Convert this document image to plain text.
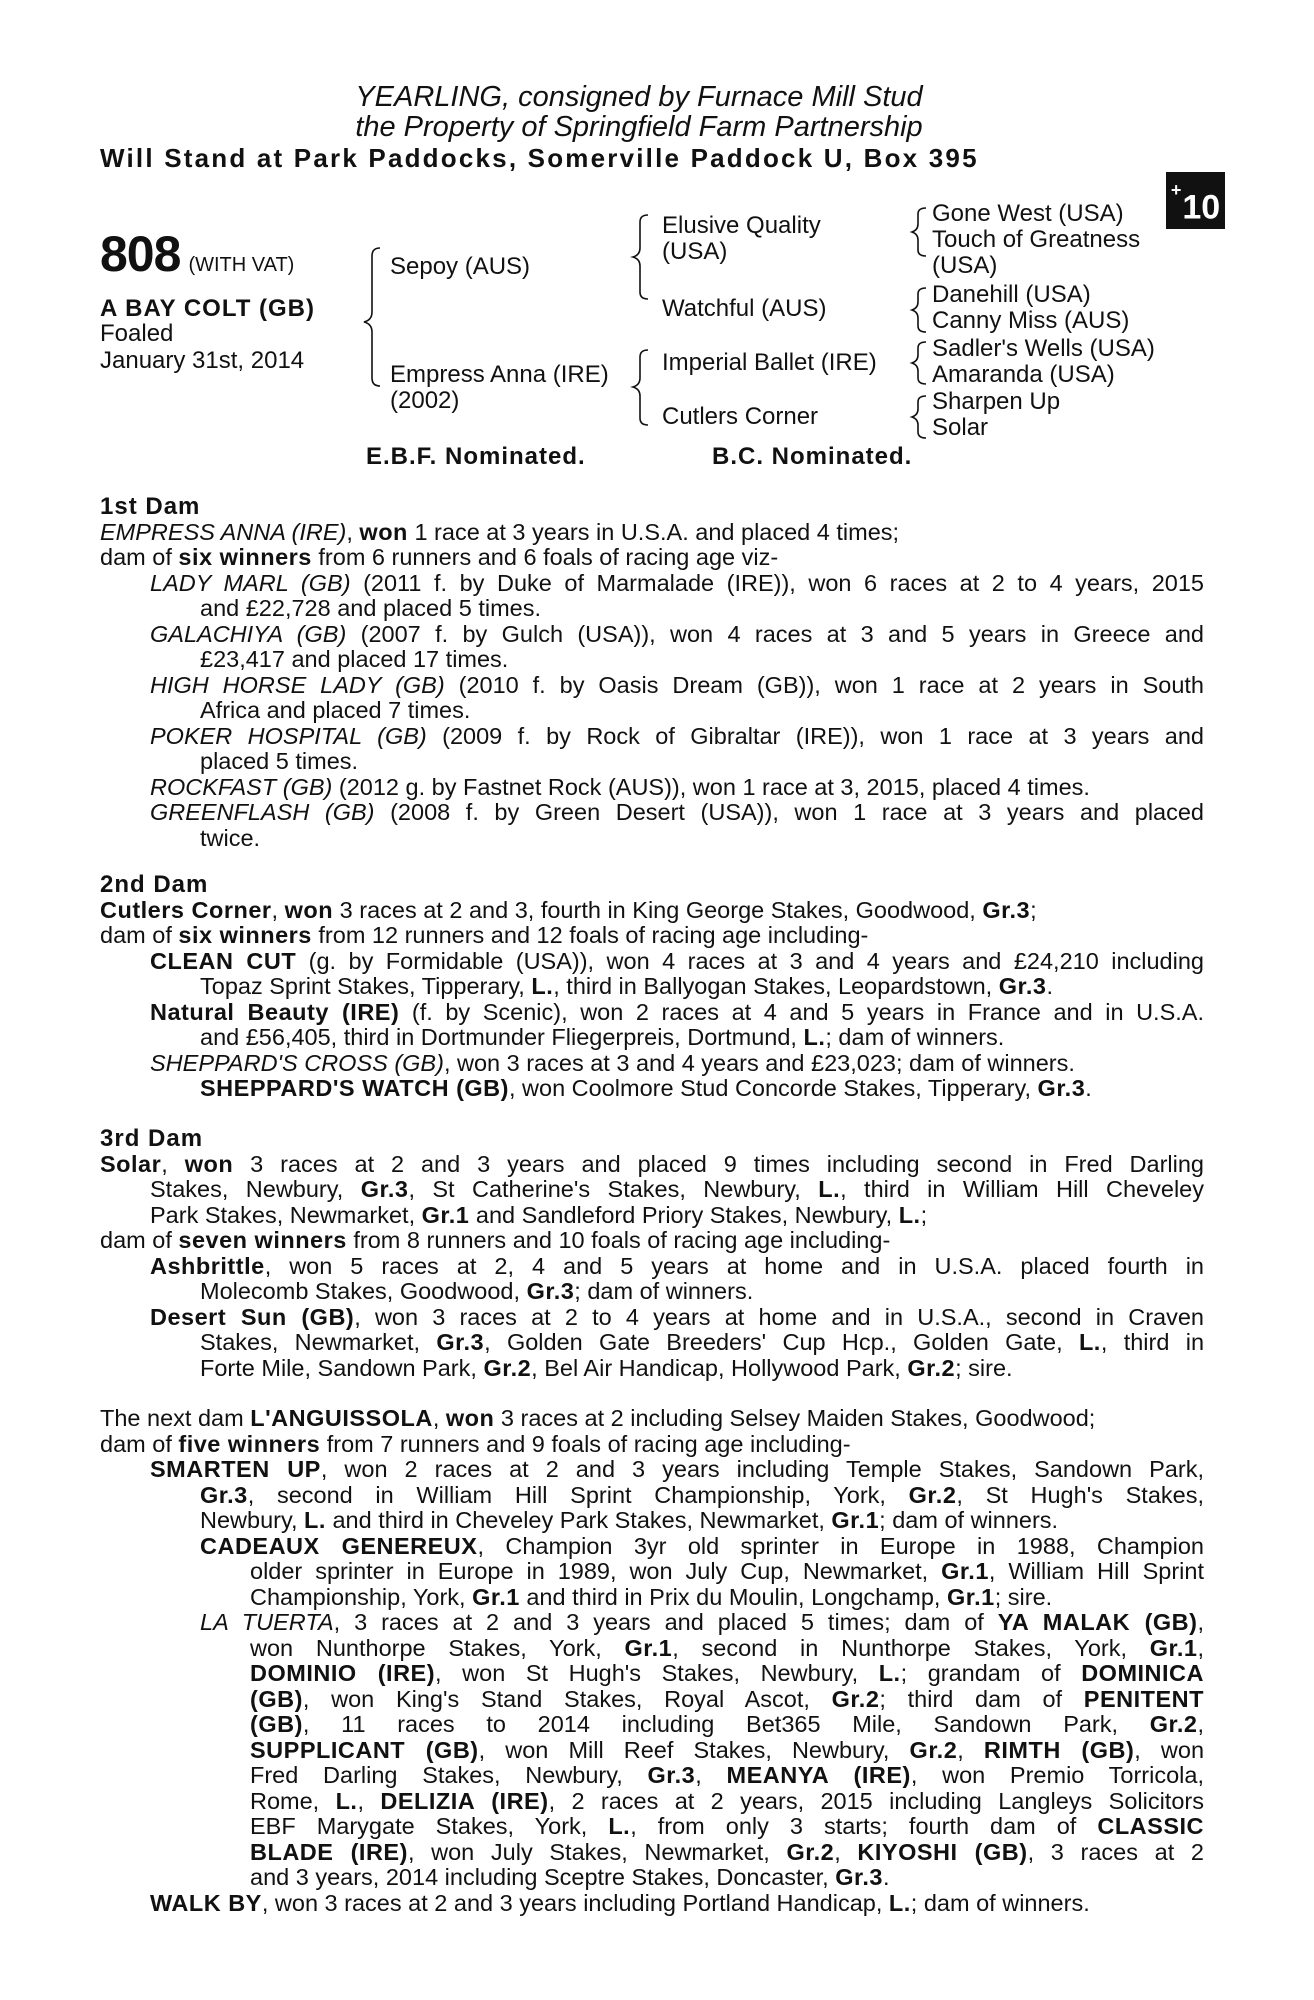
YEARLING, consigned by Furnace Mill Stud
the Property of Springfield Farm Partnership
Will Stand at Park Paddocks, Somerville Paddock U, Box 395
+10
808 (WITH VAT)
A BAY COLT (GB)
Foaled
January 31st, 2014
Sepoy (AUS)
Empress Anna (IRE)
(2002)
Elusive Quality
(USA)
Watchful (AUS)
Imperial Ballet (IRE)
Cutlers Corner
Gone West (USA)
Touch of Greatness
(USA)
Danehill (USA)
Canny Miss (AUS)
Sadler's Wells (USA)
Amaranda (USA)
Sharpen Up
Solar
E.B.F. Nominated.	B.C. Nominated.
1st Dam
EMPRESS ANNA (IRE), won 1 race at 3 years in U.S.A. and placed 4 times;
dam of six winners from 6 runners and 6 foals of racing age viz-
LADY MARL (GB) (2011 f. by Duke of Marmalade (IRE)), won 6 races at 2 to 4 years, 2015
and £22,728 and placed 5 times.
GALACHIYA (GB) (2007 f. by Gulch (USA)), won 4 races at 3 and 5 years in Greece and
£23,417 and placed 17 times.
HIGH HORSE LADY (GB) (2010 f. by Oasis Dream (GB)), won 1 race at 2 years in South
Africa and placed 7 times.
POKER HOSPITAL (GB) (2009 f. by Rock of Gibraltar (IRE)), won 1 race at 3 years and
placed 5 times.
ROCKFAST (GB) (2012 g. by Fastnet Rock (AUS)), won 1 race at 3, 2015, placed 4 times.
GREENFLASH (GB) (2008 f. by Green Desert (USA)), won 1 race at 3 years and placed
twice.
2nd Dam
Cutlers Corner, won 3 races at 2 and 3, fourth in King George Stakes, Goodwood, Gr.3;
dam of six winners from 12 runners and 12 foals of racing age including-
CLEAN CUT (g. by Formidable (USA)), won 4 races at 3 and 4 years and £24,210 including
Topaz Sprint Stakes, Tipperary, L., third in Ballyogan Stakes, Leopardstown, Gr.3.
Natural Beauty (IRE) (f. by Scenic), won 2 races at 4 and 5 years in France and in U.S.A.
and £56,405, third in Dortmunder Fliegerpreis, Dortmund, L.; dam of winners.
SHEPPARD'S CROSS (GB), won 3 races at 3 and 4 years and £23,023; dam of winners.
SHEPPARD'S WATCH (GB), won Coolmore Stud Concorde Stakes, Tipperary, Gr.3.
3rd Dam
Solar, won 3 races at 2 and 3 years and placed 9 times including second in Fred Darling
Stakes, Newbury, Gr.3, St Catherine's Stakes, Newbury, L., third in William Hill Cheveley
Park Stakes, Newmarket, Gr.1 and Sandleford Priory Stakes, Newbury, L.;
dam of seven winners from 8 runners and 10 foals of racing age including-
Ashbrittle, won 5 races at 2, 4 and 5 years at home and in U.S.A. placed fourth in
Molecomb Stakes, Goodwood, Gr.3; dam of winners.
Desert Sun (GB), won 3 races at 2 to 4 years at home and in U.S.A., second in Craven
Stakes, Newmarket, Gr.3, Golden Gate Breeders' Cup Hcp., Golden Gate, L., third in
Forte Mile, Sandown Park, Gr.2, Bel Air Handicap, Hollywood Park, Gr.2; sire.
The next dam L'ANGUISSOLA, won 3 races at 2 including Selsey Maiden Stakes, Goodwood;
dam of five winners from 7 runners and 9 foals of racing age including-
SMARTEN UP, won 2 races at 2 and 3 years including Temple Stakes, Sandown Park,
Gr.3, second in William Hill Sprint Championship, York, Gr.2, St Hugh's Stakes,
Newbury, L. and third in Cheveley Park Stakes, Newmarket, Gr.1; dam of winners.
CADEAUX GENEREUX, Champion 3yr old sprinter in Europe in 1988, Champion
older sprinter in Europe in 1989, won July Cup, Newmarket, Gr.1, William Hill Sprint
Championship, York, Gr.1 and third in Prix du Moulin, Longchamp, Gr.1; sire.
LA TUERTA, 3 races at 2 and 3 years and placed 5 times; dam of YA MALAK (GB),
won Nunthorpe Stakes, York, Gr.1, second in Nunthorpe Stakes, York, Gr.1,
DOMINIO (IRE), won St Hugh's Stakes, Newbury, L.; grandam of DOMINICA
(GB), won King's Stand Stakes, Royal Ascot, Gr.2; third dam of PENITENT
(GB), 11 races to 2014 including Bet365 Mile, Sandown Park, Gr.2,
SUPPLICANT (GB), won Mill Reef Stakes, Newbury, Gr.2, RIMTH (GB), won
Fred Darling Stakes, Newbury, Gr.3, MEANYA (IRE), won Premio Torricola,
Rome, L., DELIZIA (IRE), 2 races at 2 years, 2015 including Langleys Solicitors
EBF Marygate Stakes, York, L., from only 3 starts; fourth dam of CLASSIC
BLADE (IRE), won July Stakes, Newmarket, Gr.2, KIYOSHI (GB), 3 races at 2
and 3 years, 2014 including Sceptre Stakes, Doncaster, Gr.3.
WALK BY, won 3 races at 2 and 3 years including Portland Handicap, L.; dam of winners.
